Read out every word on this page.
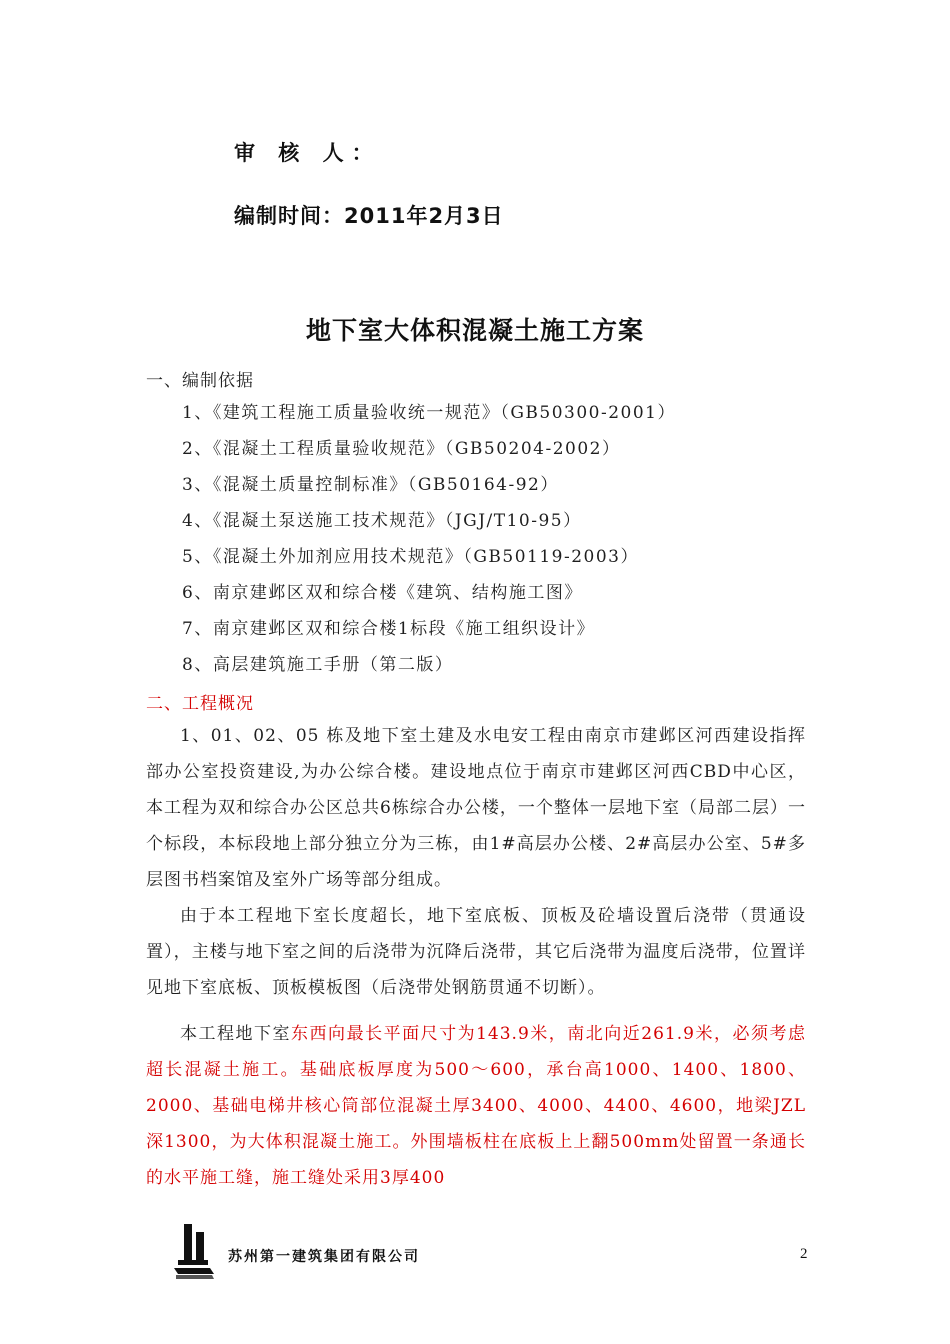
审 核 人：
编制时间：2011年2月3日
地下室大体积混凝土施工方案
一、编制依据
1、《建筑工程施工质量验收统一规范》（GB50300-2001）
2、《混凝土工程质量验收规范》（GB50204-2002）
3、《混凝土质量控制标准》（GB50164-92）
4、《混凝土泵送施工技术规范》（JGJ/T10-95）
5、《混凝土外加剂应用技术规范》（GB50119-2003）
6、南京建邺区双和综合楼《建筑、结构施工图》
7、南京建邺区双和综合楼1标段《施工组织设计》
8、高层建筑施工手册（第二版）
二、工程概况

1、01、02、05 栋及地下室土建及水电安工程由南京市建邺区河西建设指挥部办公室投资建设,为办公综合楼。建设地点位于南京市建邺区河西CBD中心区，本工程为双和综合办公区总共6栋综合办公楼，一个整体一层地下室（局部二层）一个标段，本标段地上部分独立分为三栋，由1#高层办公楼、2#高层办公室、5#多层图书档案馆及室外广场等部分组成。

由于本工程地下室长度超长，地下室底板、顶板及砼墙设置后浇带（贯通设置），主楼与地下室之间的后浇带为沉降后浇带，其它后浇带为温度后浇带，位置详见地下室底板、顶板模板图（后浇带处钢筋贯通不切断）。

本工程地下室东西向最长平面尺寸为143.9米，南北向近261.9米，必须考虑超长混凝土施工。基础底板厚度为500～600，承台高1000、1400、1800、2000、基础电梯井核心筒部位混凝土厚3400、4000、4400、4600，地梁JZL深1300，为大体积混凝土施工。外围墙板柱在底板上上翻500mm处留置一条通长的水平施工缝，施工缝处采用3厚400

苏州第一建筑集团有限公司	2
